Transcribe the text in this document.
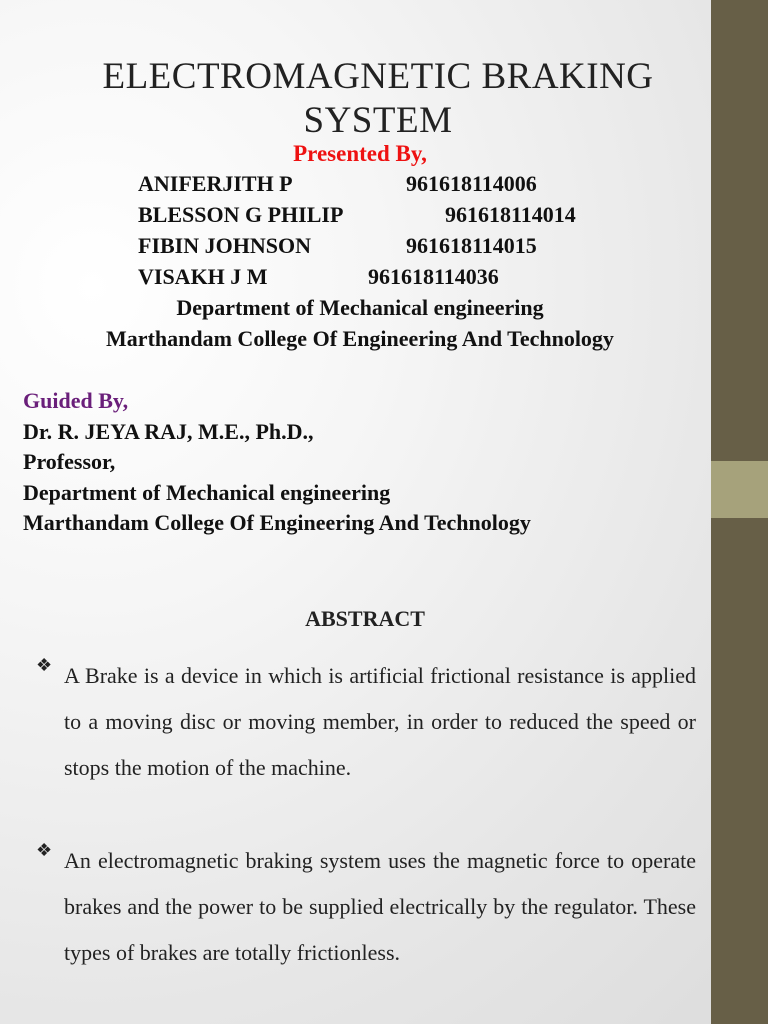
ELECTROMAGNETIC BRAKING SYSTEM
Presented By,
ANIFERJITH P	961618114006
BLESSON G PHILIP	961618114014
FIBIN JOHNSON	961618114015
VISAKH J M	961618114036
Department of Mechanical engineering
Marthandam College Of Engineering And Technology
Guided By,
Dr. R. JEYA RAJ, M.E., Ph.D.,
Professor,
Department of Mechanical engineering
Marthandam College Of Engineering And Technology
ABSTRACT
❖ A Brake is a device in which is artificial frictional resistance is applied to a moving disc or moving member, in order to reduced the speed or stops the motion of the machine.
❖ An electromagnetic braking system uses the magnetic force to operate brakes and the power to be supplied electrically by the regulator. These types of brakes are totally frictionless.
